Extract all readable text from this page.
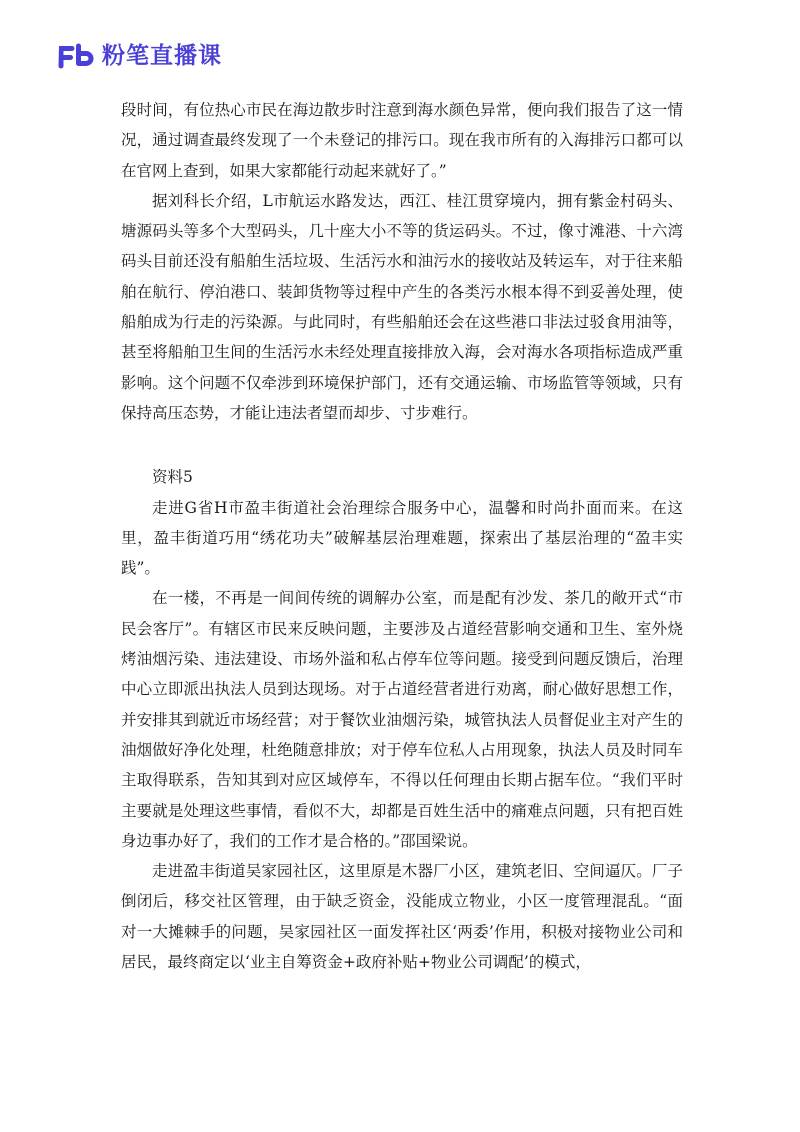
粉笔直播课

段时间，有位热心市民在海边散步时注意到海水颜色异常，便向我们报告了这一情况，通过调查最终发现了一个未登记的排污口。现在我市所有的入海排污口都可以在官网上查到，如果大家都能行动起来就好了。”

据刘科长介绍，L市航运水路发达，西江、桂江贯穿境内，拥有紫金村码头、塘源码头等多个大型码头，几十座大小不等的货运码头。不过，像寸滩港、十六湾码头目前还没有船舶生活垃圾、生活污水和油污水的接收站及转运车，对于往来船舶在航行、停泊港口、装卸货物等过程中产生的各类污水根本得不到妥善处理，使船舶成为行走的污染源。与此同时，有些船舶还会在这些港口非法过驳食用油等，甚至将船舶卫生间的生活污水未经处理直接排放入海，会对海水各项指标造成严重影响。这个问题不仅牵涉到环境保护部门，还有交通运输、市场监管等领域，只有保持高压态势，才能让违法者望而却步、寸步难行。

资料5

走进G省H市盈丰街道社会治理综合服务中心，温馨和时尚扑面而来。在这里，盈丰街道巧用“绣花功夫”破解基层治理难题，探索出了基层治理的“盈丰实践”。

在一楼，不再是一间间传统的调解办公室，而是配有沙发、茶几的敞开式“市民会客厅”。有辖区市民来反映问题，主要涉及占道经营影响交通和卫生、室外烧烤油烟污染、违法建设、市场外溢和私占停车位等问题。接受到问题反馈后，治理中心立即派出执法人员到达现场。对于占道经营者进行劝离，耐心做好思想工作，并安排其到就近市场经营；对于餐饮业油烟污染，城管执法人员督促业主对产生的油烟做好净化处理，杜绝随意排放；对于停车位私人占用现象，执法人员及时同车主取得联系，告知其到对应区域停车，不得以任何理由长期占据车位。“我们平时主要就是处理这些事情，看似不大，却都是百姓生活中的痛难点问题，只有把百姓身边事办好了，我们的工作才是合格的。”邵国梁说。

走进盈丰街道吴家园社区，这里原是木器厂小区，建筑老旧、空间逼仄。厂子倒闭后，移交社区管理，由于缺乏资金，没能成立物业，小区一度管理混乱。“面对一大摊棘手的问题，吴家园社区一面发挥社区‘两委’作用，积极对接物业公司和居民，最终商定以‘业主自筹资金+政府补贴+物业公司调配’的模式，
